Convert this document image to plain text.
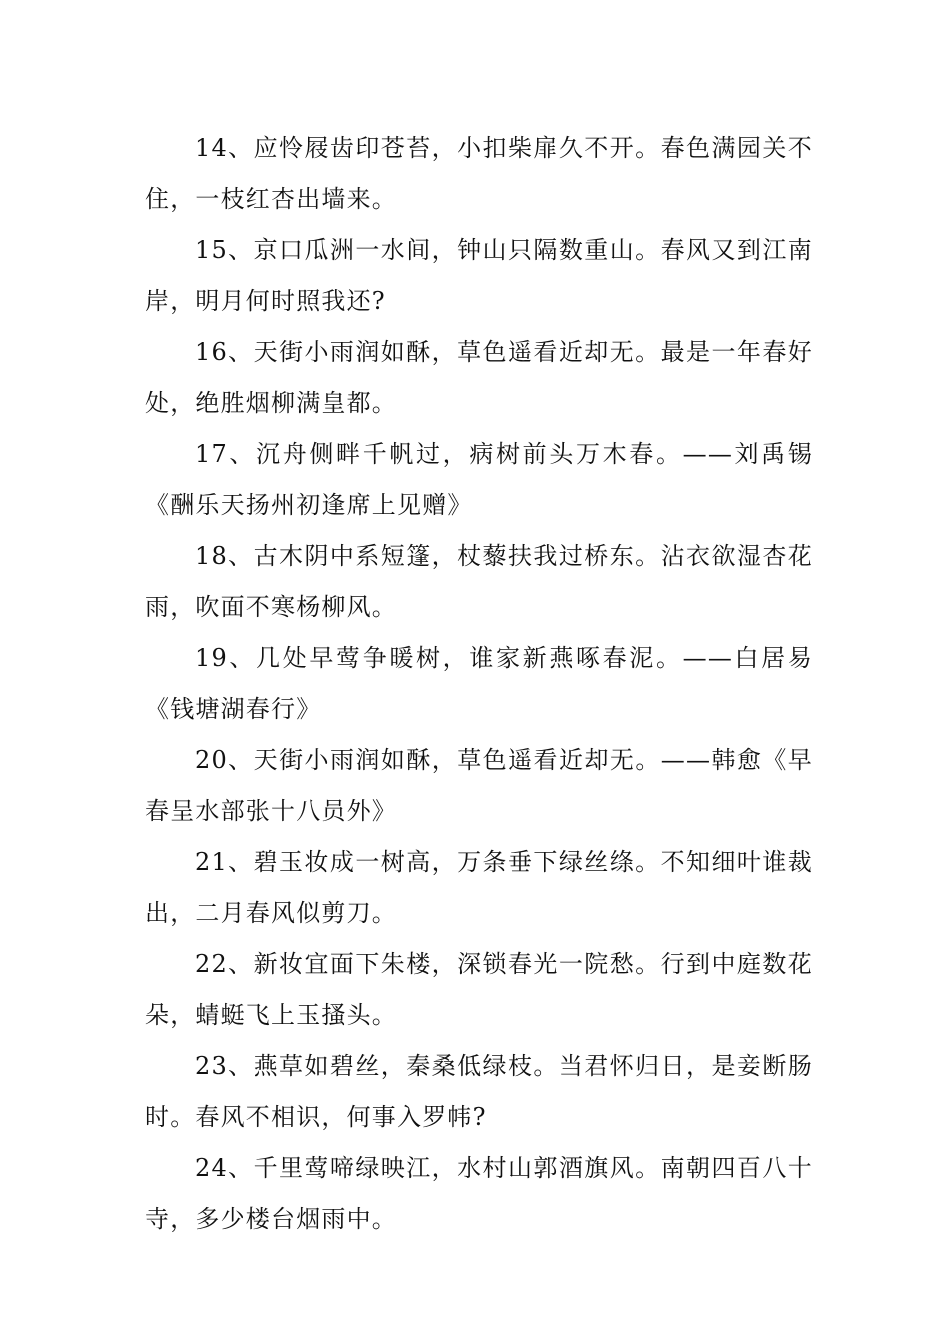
14、应怜屐齿印苍苔，小扣柴扉久不开。春色满园关不住，一枝红杏出墙来。

15、京口瓜洲一水间，钟山只隔数重山。春风又到江南岸，明月何时照我还?

16、天街小雨润如酥，草色遥看近却无。最是一年春好处，绝胜烟柳满皇都。

17、沉舟侧畔千帆过，病树前头万木春。——刘禹锡《酬乐天扬州初逢席上见赠》

18、古木阴中系短篷，杖藜扶我过桥东。沾衣欲湿杏花雨，吹面不寒杨柳风。

19、几处早莺争暖树，谁家新燕啄春泥。——白居易《钱塘湖春行》

20、天街小雨润如酥，草色遥看近却无。——韩愈《早春呈水部张十八员外》

21、碧玉妆成一树高，万条垂下绿丝绦。不知细叶谁裁出，二月春风似剪刀。

22、新妆宜面下朱楼，深锁春光一院愁。行到中庭数花朵，蜻蜓飞上玉搔头。

23、燕草如碧丝，秦桑低绿枝。当君怀归日，是妾断肠时。春风不相识，何事入罗帏?

24、千里莺啼绿映江，水村山郭酒旗风。南朝四百八十寺，多少楼台烟雨中。
